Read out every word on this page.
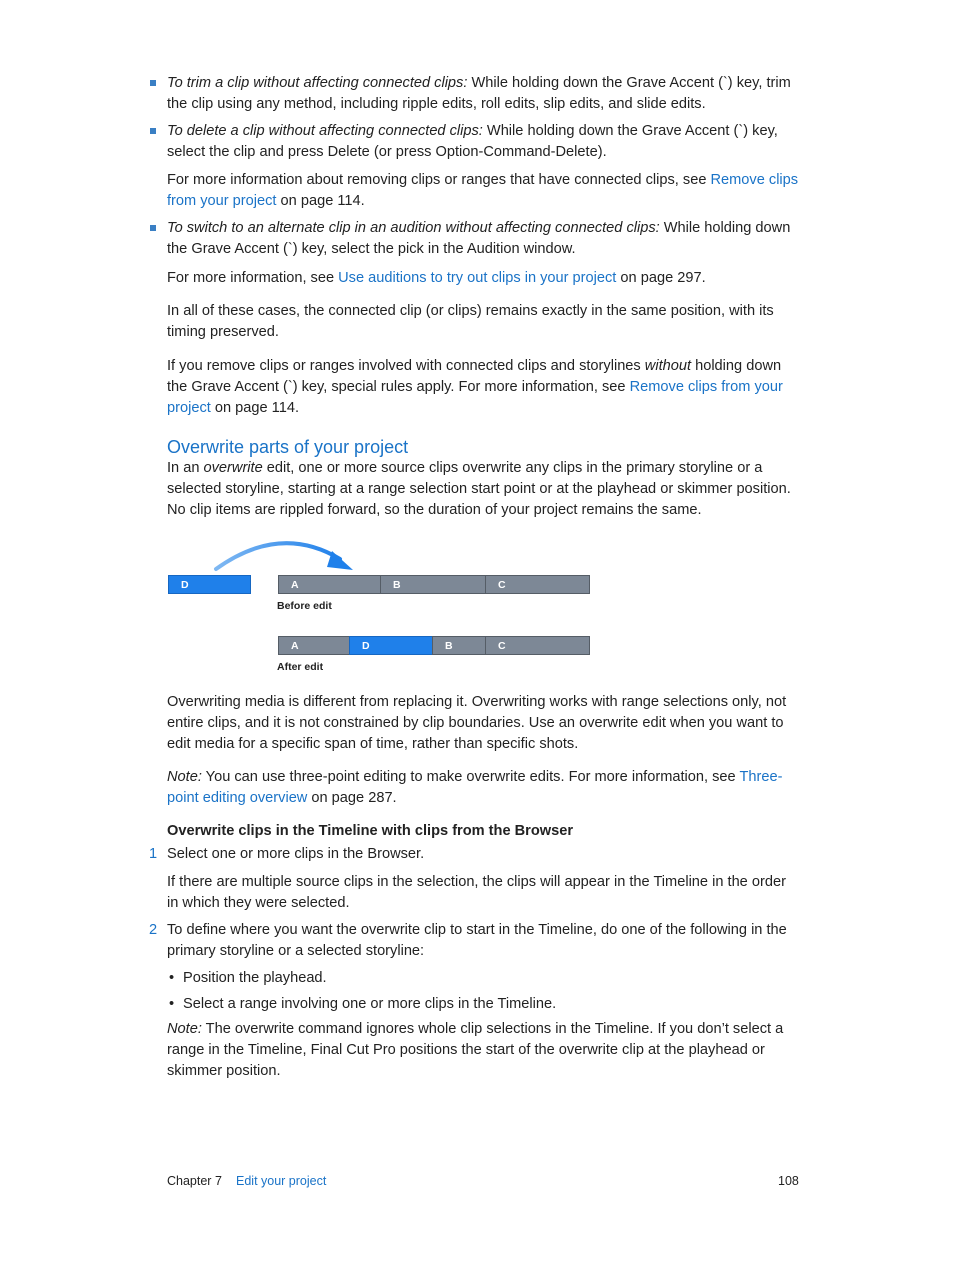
To trim a clip without affecting connected clips: While holding down the Grave Accent (`) key, trim the clip using any method, including ripple edits, roll edits, slip edits, and slide edits.

To delete a clip without affecting connected clips: While holding down the Grave Accent (`) key, select the clip and press Delete (or press Option-Command-Delete).

For more information about removing clips or ranges that have connected clips, see Remove clips from your project on page 114.

To switch to an alternate clip in an audition without affecting connected clips: While holding down the Grave Accent (`) key, select the pick in the Audition window.

For more information, see Use auditions to try out clips in your project on page 297.

In all of these cases, the connected clip (or clips) remains exactly in the same position, with its timing preserved.

If you remove clips or ranges involved with connected clips and storylines without holding down the Grave Accent (`) key, special rules apply. For more information, see Remove clips from your project on page 114.

Overwrite parts of your project

In an overwrite edit, one or more source clips overwrite any clips in the primary storyline or a selected storyline, starting at a range selection start point or at the playhead or skimmer position. No clip items are rippled forward, so the duration of your project remains the same.

D	A	B	C
Before edit
A	D	B	C
After edit

Overwriting media is different from replacing it. Overwriting works with range selections only, not entire clips, and it is not constrained by clip boundaries. Use an overwrite edit when you want to edit media for a specific span of time, rather than specific shots.

Note: You can use three-point editing to make overwrite edits. For more information, see Three-point editing overview on page 287.

Overwrite clips in the Timeline with clips from the Browser

1 Select one or more clips in the Browser.

If there are multiple source clips in the selection, the clips will appear in the Timeline in the order in which they were selected.

2 To define where you want the overwrite clip to start in the Timeline, do one of the following in the primary storyline or a selected storyline:

• Position the playhead.
• Select a range involving one or more clips in the Timeline.

Note: The overwrite command ignores whole clip selections in the Timeline. If you don’t select a range in the Timeline, Final Cut Pro positions the start of the overwrite clip at the playhead or skimmer position.

Chapter 7 Edit your project	108
